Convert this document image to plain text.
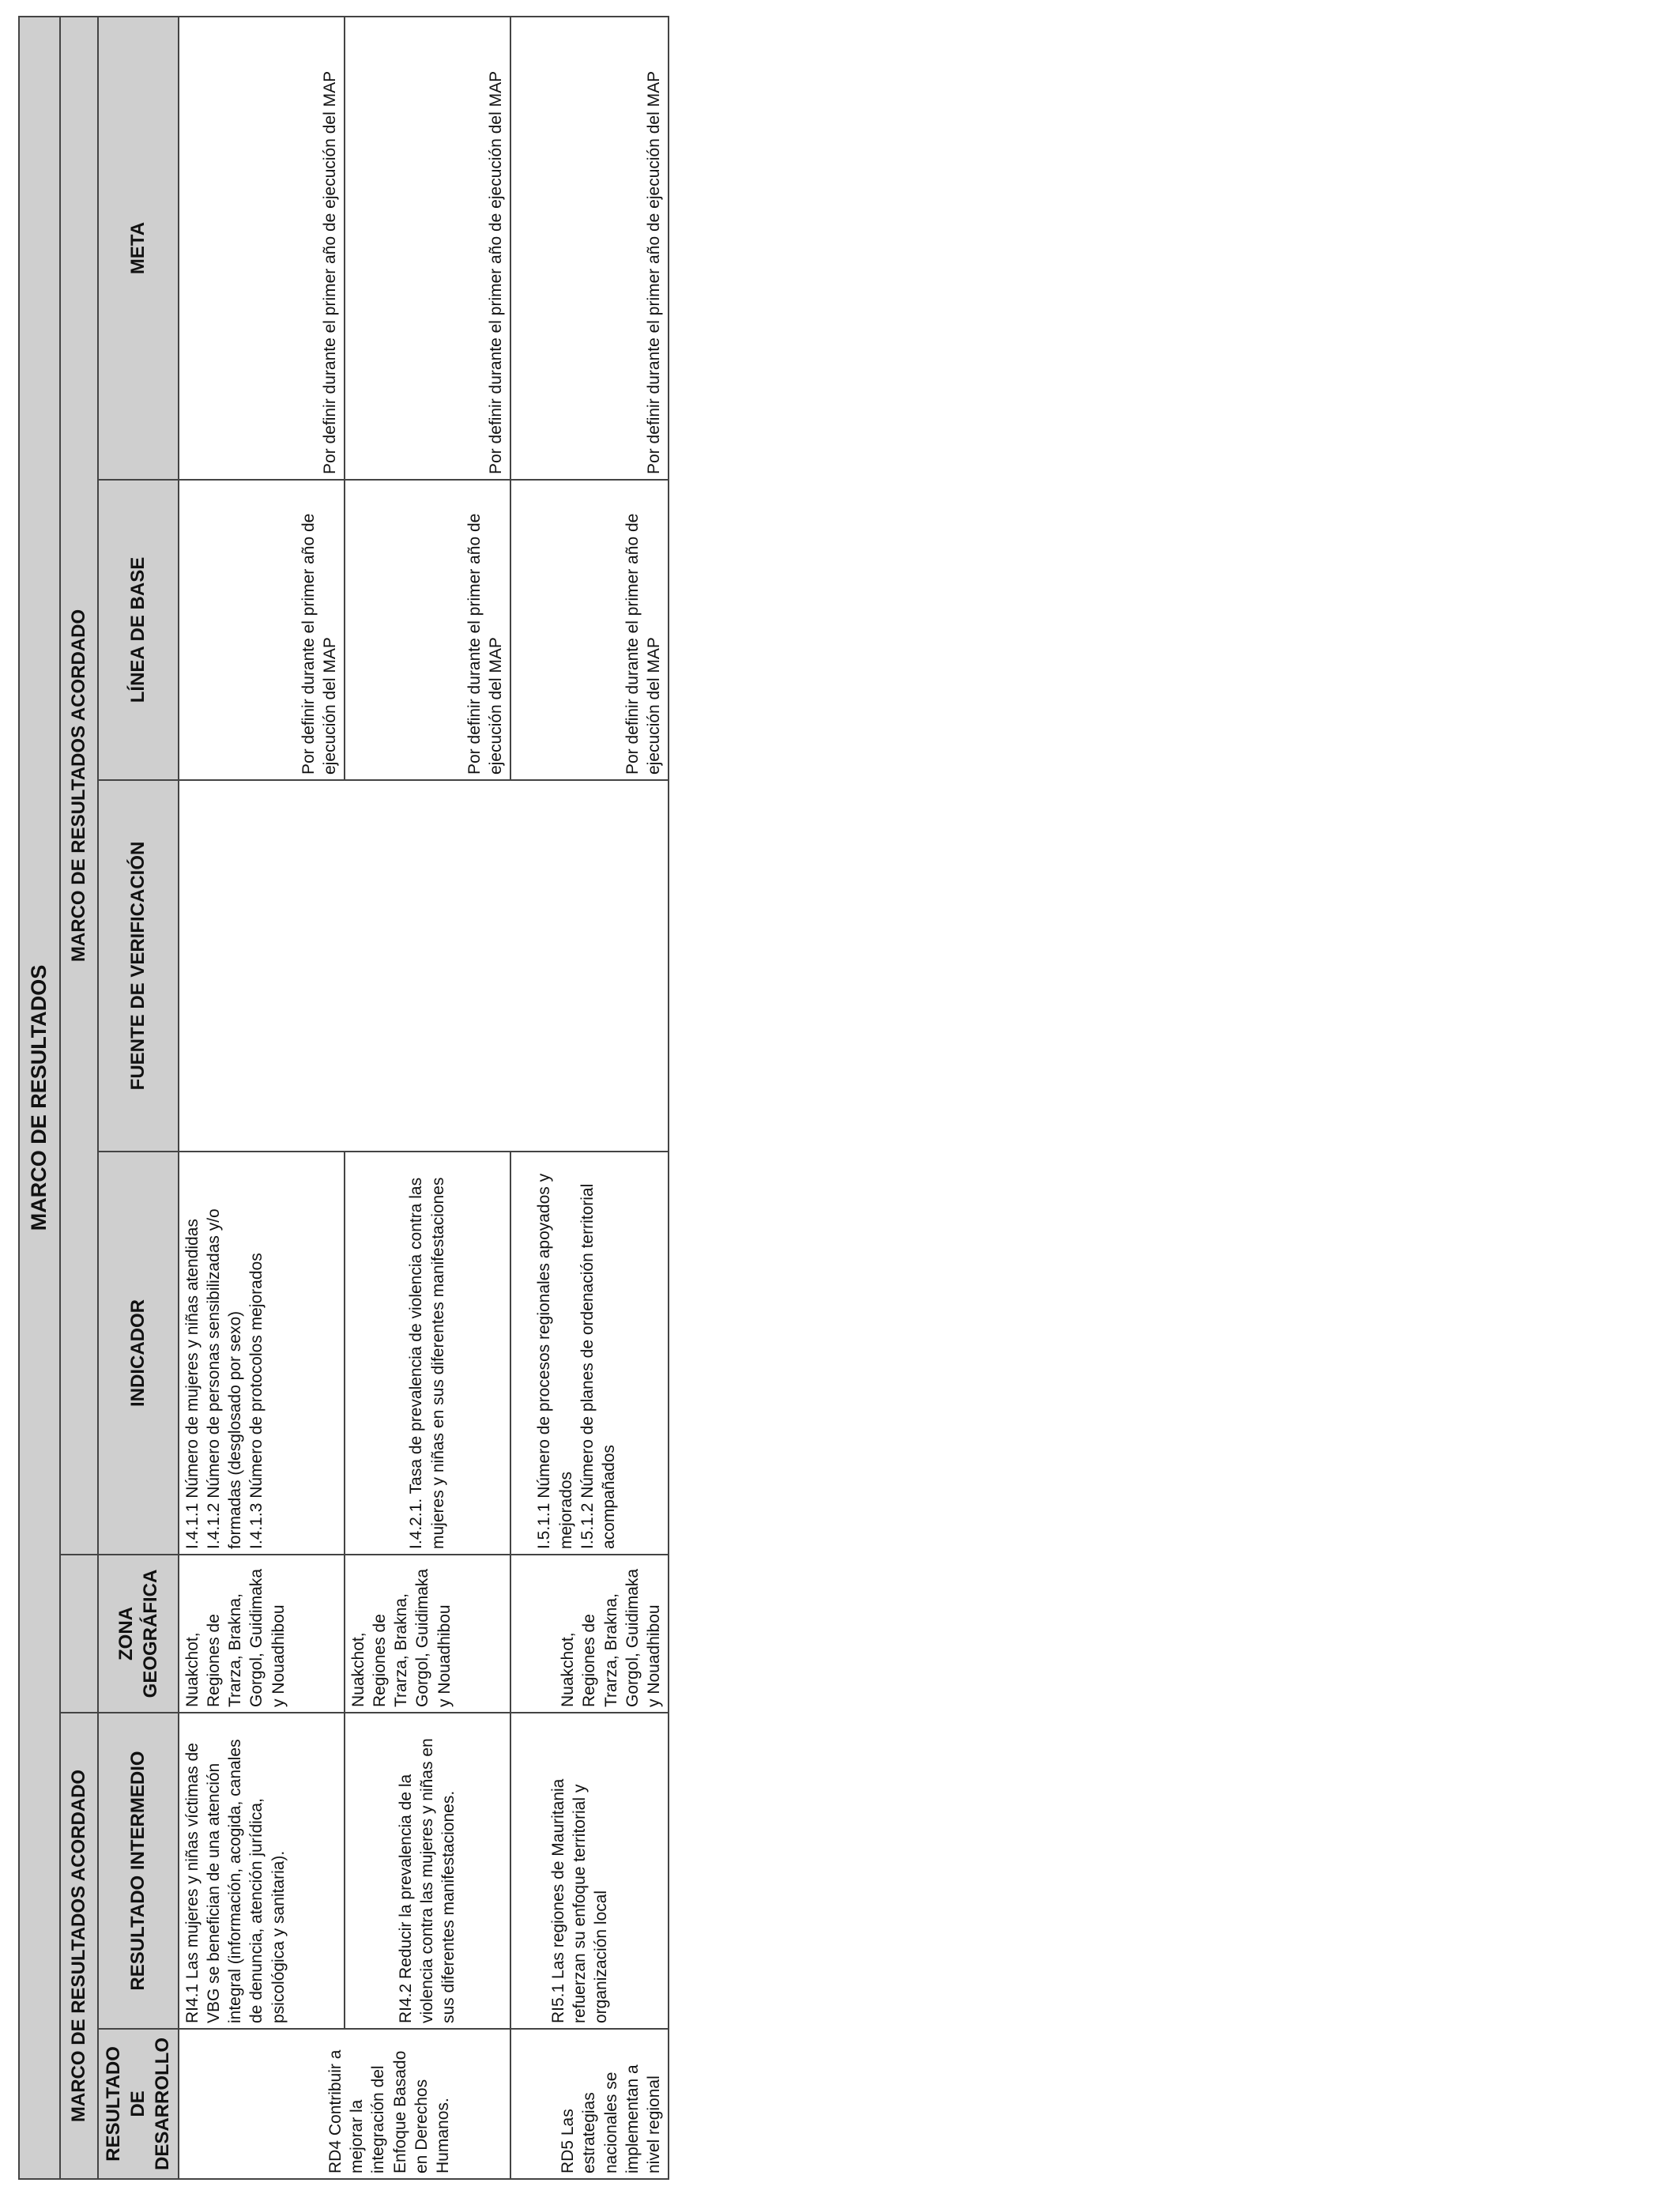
MARCO DE RESULTADOS						
MARCO DE RESULTADOS ACORDADO			MARCO DE RESULTADOS ACORDADO			
RESULTADO DE DESARROLLO	RESULTADO INTERMEDIO	ZONA GEOGRÁFICA	INDICADOR	FUENTE DE VERIFICACIÓN	LÍNEA DE BASE	META
RD4 Contribuir a mejorar la integración del Enfoque Basado en Derechos Humanos.	RI4.1 Las mujeres y niñas víctimas de VBG se benefician de una atención integral (información, acogida, canales de denuncia, atención jurídica, psicológica y sanitaria).	Nuakchot, Regiones de Trarza, Brakna, Gorgol, Guidimaka y Nouadhibou	I.4.1.1 Número de mujeres y niñas atendidas I.4.1.2 Número de personas sensibilizadas y/o formadas (desglosado por sexo) I.4.1.3 Número de protocolos mejorados		Por definir durante el primer año de ejecución del MAP	Por definir durante el primer año de ejecución del MAP
	RI4.2 Reducir la prevalencia de la violencia contra las mujeres y niñas en sus diferentes manifestaciones.	Nuakchot, Regiones de Trarza, Brakna, Gorgol, Guidimaka y Nouadhibou	I.4.2.1. Tasa de prevalencia de violencia contra las mujeres y niñas en sus diferentes manifestaciones		Por definir durante el primer año de ejecución del MAP	Por definir durante el primer año de ejecución del MAP
RD5 Las estrategias nacionales se implementan a nivel regional	RI5.1 Las regiones de Mauritania refuerzan su enfoque territorial y organización local	Nuakchot, Regiones de Trarza, Brakna, Gorgol, Guidimaka y Nouadhibou	I.5.1.1 Número de procesos regionales apoyados y mejorados I.5.1.2 Número de planes de ordenación territorial acompañados		Por definir durante el primer año de ejecución del MAP	Por definir durante el primer año de ejecución del MAP
